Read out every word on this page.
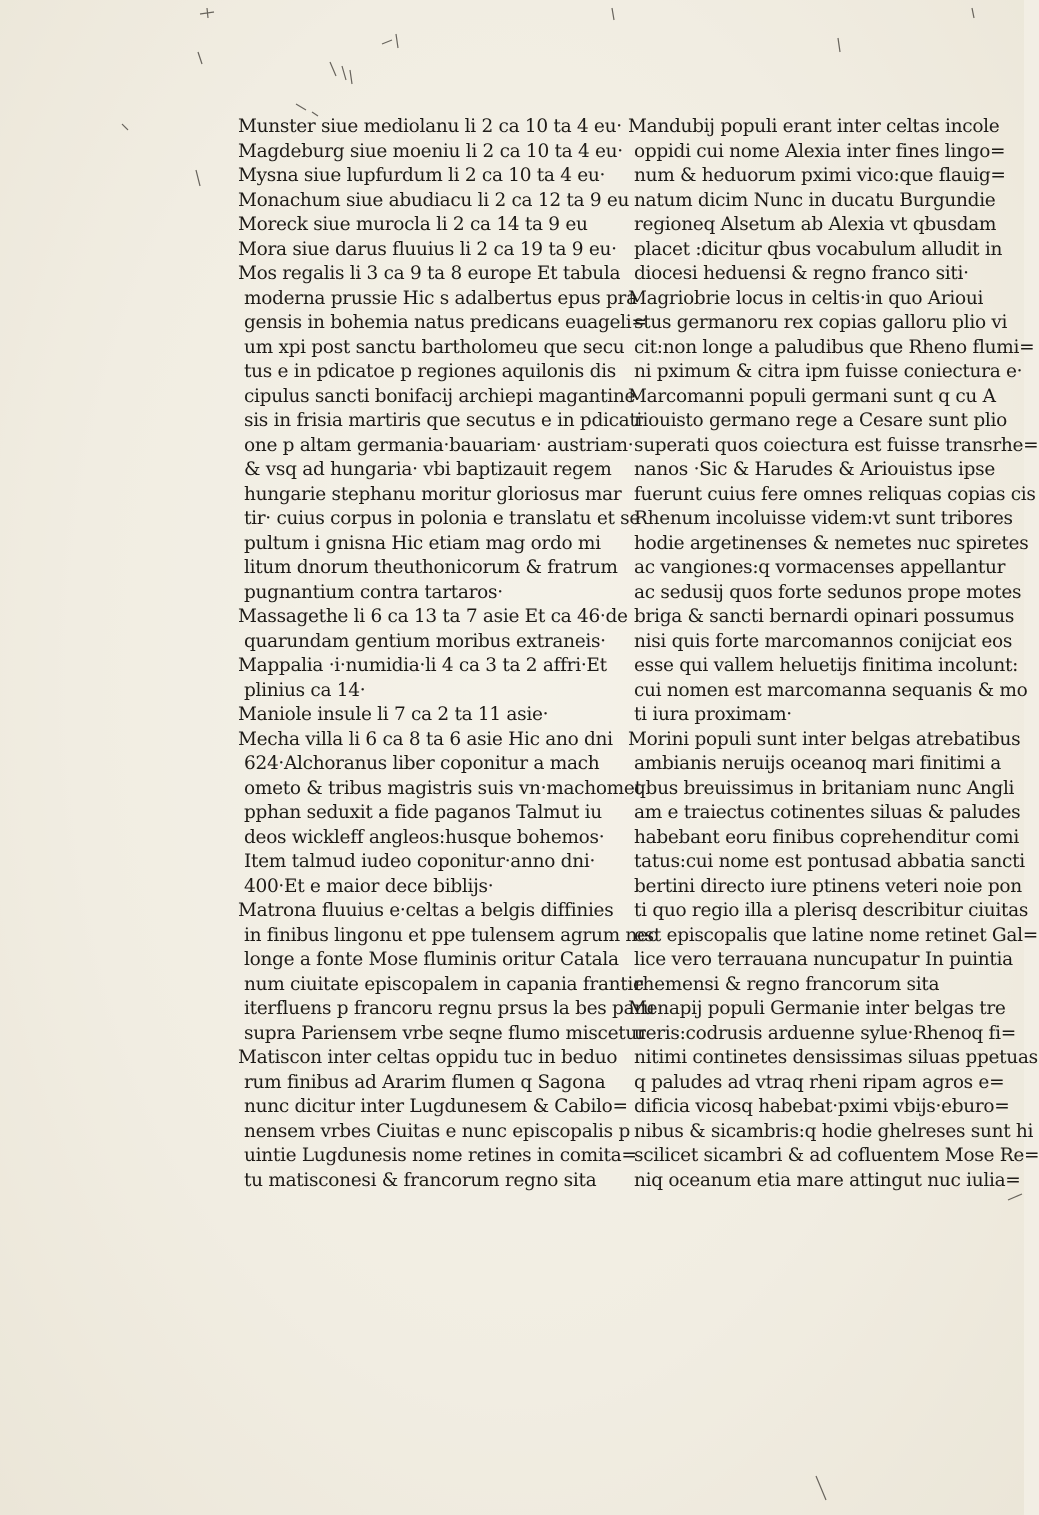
Munster siue mediolanu li 2 ca 10 ta 4 eu·
Magdeburg siue moeniu li 2 ca 10 ta 4 eu·
Mysna siue lupfurdum li 2 ca 10 ta 4 eu·
Monachum siue abudiacu li 2 ca 12 ta 9 eu
Moreck siue murocla li 2 ca 14 ta 9 eu
Mora siue darus fluuius li 2 ca 19 ta 9 eu·
Mos regalis li 3 ca 9 ta 8 europe Et tabula
moderna prussie Hic s adalbertus epus pra
gensis in bohemia natus predicans euageli=
um xpi post sanctu bartholomeu que secu
tus e in pdicatoe p regiones aquilonis dis
cipulus sancti bonifacij archiepi magantine
sis in frisia martiris que secutus e in pdicati
one p altam germania·bauariam· austriam·
& vsq ad hungaria· vbi baptizauit regem
hungarie stephanu moritur gloriosus mar
tir· cuius corpus in polonia e translatu et se
pultum i gnisna Hic etiam mag ordo mi
litum dnorum theuthonicorum & fratrum
pugnantium contra tartaros·
Massagethe li 6 ca 13 ta 7 asie Et ca 46·de
quarundam gentium moribus extraneis·
Mappalia ·i·numidia·li 4 ca 3 ta 2 affri·Et
plinius ca 14·
Maniole insule li 7 ca 2 ta 11 asie·
Mecha villa li 6 ca 8 ta 6 asie Hic ano dni
624·Alchoranus liber coponitur a mach
ometo & tribus magistris suis vn·machomet
pphan seduxit a fide paganos Talmut iu
deos wickleff angleos:husque bohemos·
Item talmud iudeo coponitur·anno dni·
400·Et e maior dece biblijs·
Matrona fluuius e·celtas a belgis diffinies
in finibus lingonu et ppe tulensem agrum nec
longe a fonte Mose fluminis oritur Catala
num ciuitate episcopalem in capania frantie
iterfluens p francoru regnu prsus la bes paru
supra Pariensem vrbe seqne flumo miscetur
Matiscon inter celtas oppidu tuc in beduo
rum finibus ad Ararim flumen q Sagona
nunc dicitur inter Lugdunesem & Cabilo=
nensem vrbes Ciuitas e nunc episcopalis p
uintie Lugdunesis nome retines in comita=
tu matisconesi & francorum regno sita
Mandubij populi erant inter celtas incole
oppidi cui nome Alexia inter fines lingo=
num & heduorum pximi vico:que flauig=
natum dicim Nunc in ducatu Burgundie
regioneq Alsetum ab Alexia vt qbusdam
placet :dicitur qbus vocabulum alludit in
diocesi heduensi & regno franco siti·
Magriobrie locus in celtis·in quo Arioui
stus germanoru rex copias galloru plio vi
cit:non longe a paludibus que Rheno flumi=
ni pximum & citra ipm fuisse coniectura e·
Marcomanni populi germani sunt q cu A
riouisto germano rege a Cesare sunt plio
superati quos coiectura est fuisse transrhe=
nanos ·Sic & Harudes & Ariouistus ipse
fuerunt cuius fere omnes reliquas copias cis
Rhenum incoluisse videm:vt sunt tribores
hodie argetinenses & nemetes nuc spiretes
ac vangiones:q vormacenses appellantur
ac sedusij quos forte sedunos prope motes
briga & sancti bernardi opinari possumus
nisi quis forte marcomannos conijciat eos
esse qui vallem heluetijs finitima incolunt:
cui nomen est marcomanna sequanis & mo
ti iura proximam·
Morini populi sunt inter belgas atrebatibus
ambianis neruijs oceanoq mari finitimi a
qbus breuissimus in britaniam nunc Angli
am e traiectus cotinentes siluas & paludes
habebant eoru finibus coprehenditur comi
tatus:cui nome est pontusad abbatia sancti
bertini directo iure ptinens veteri noie pon
ti quo regio illa a plerisq describitur ciuitas
est episcopalis que latine nome retinet Gal=
lice vero terrauana nuncupatur In puintia
rhemensi & regno francorum sita
Menapij populi Germanie inter belgas tre
ueris:codrusis arduenne sylue·Rhenoq fi=
nitimi continetes densissimas siluas ppetuas
q paludes ad vtraq rheni ripam agros e=
dificia vicosq habebat·pximi vbijs·eburo=
nibus & sicambris:q hodie ghelreses sunt hi
scilicet sicambri & ad cofluentem Mose Re=
niq oceanum etia mare attingut nuc iulia=
